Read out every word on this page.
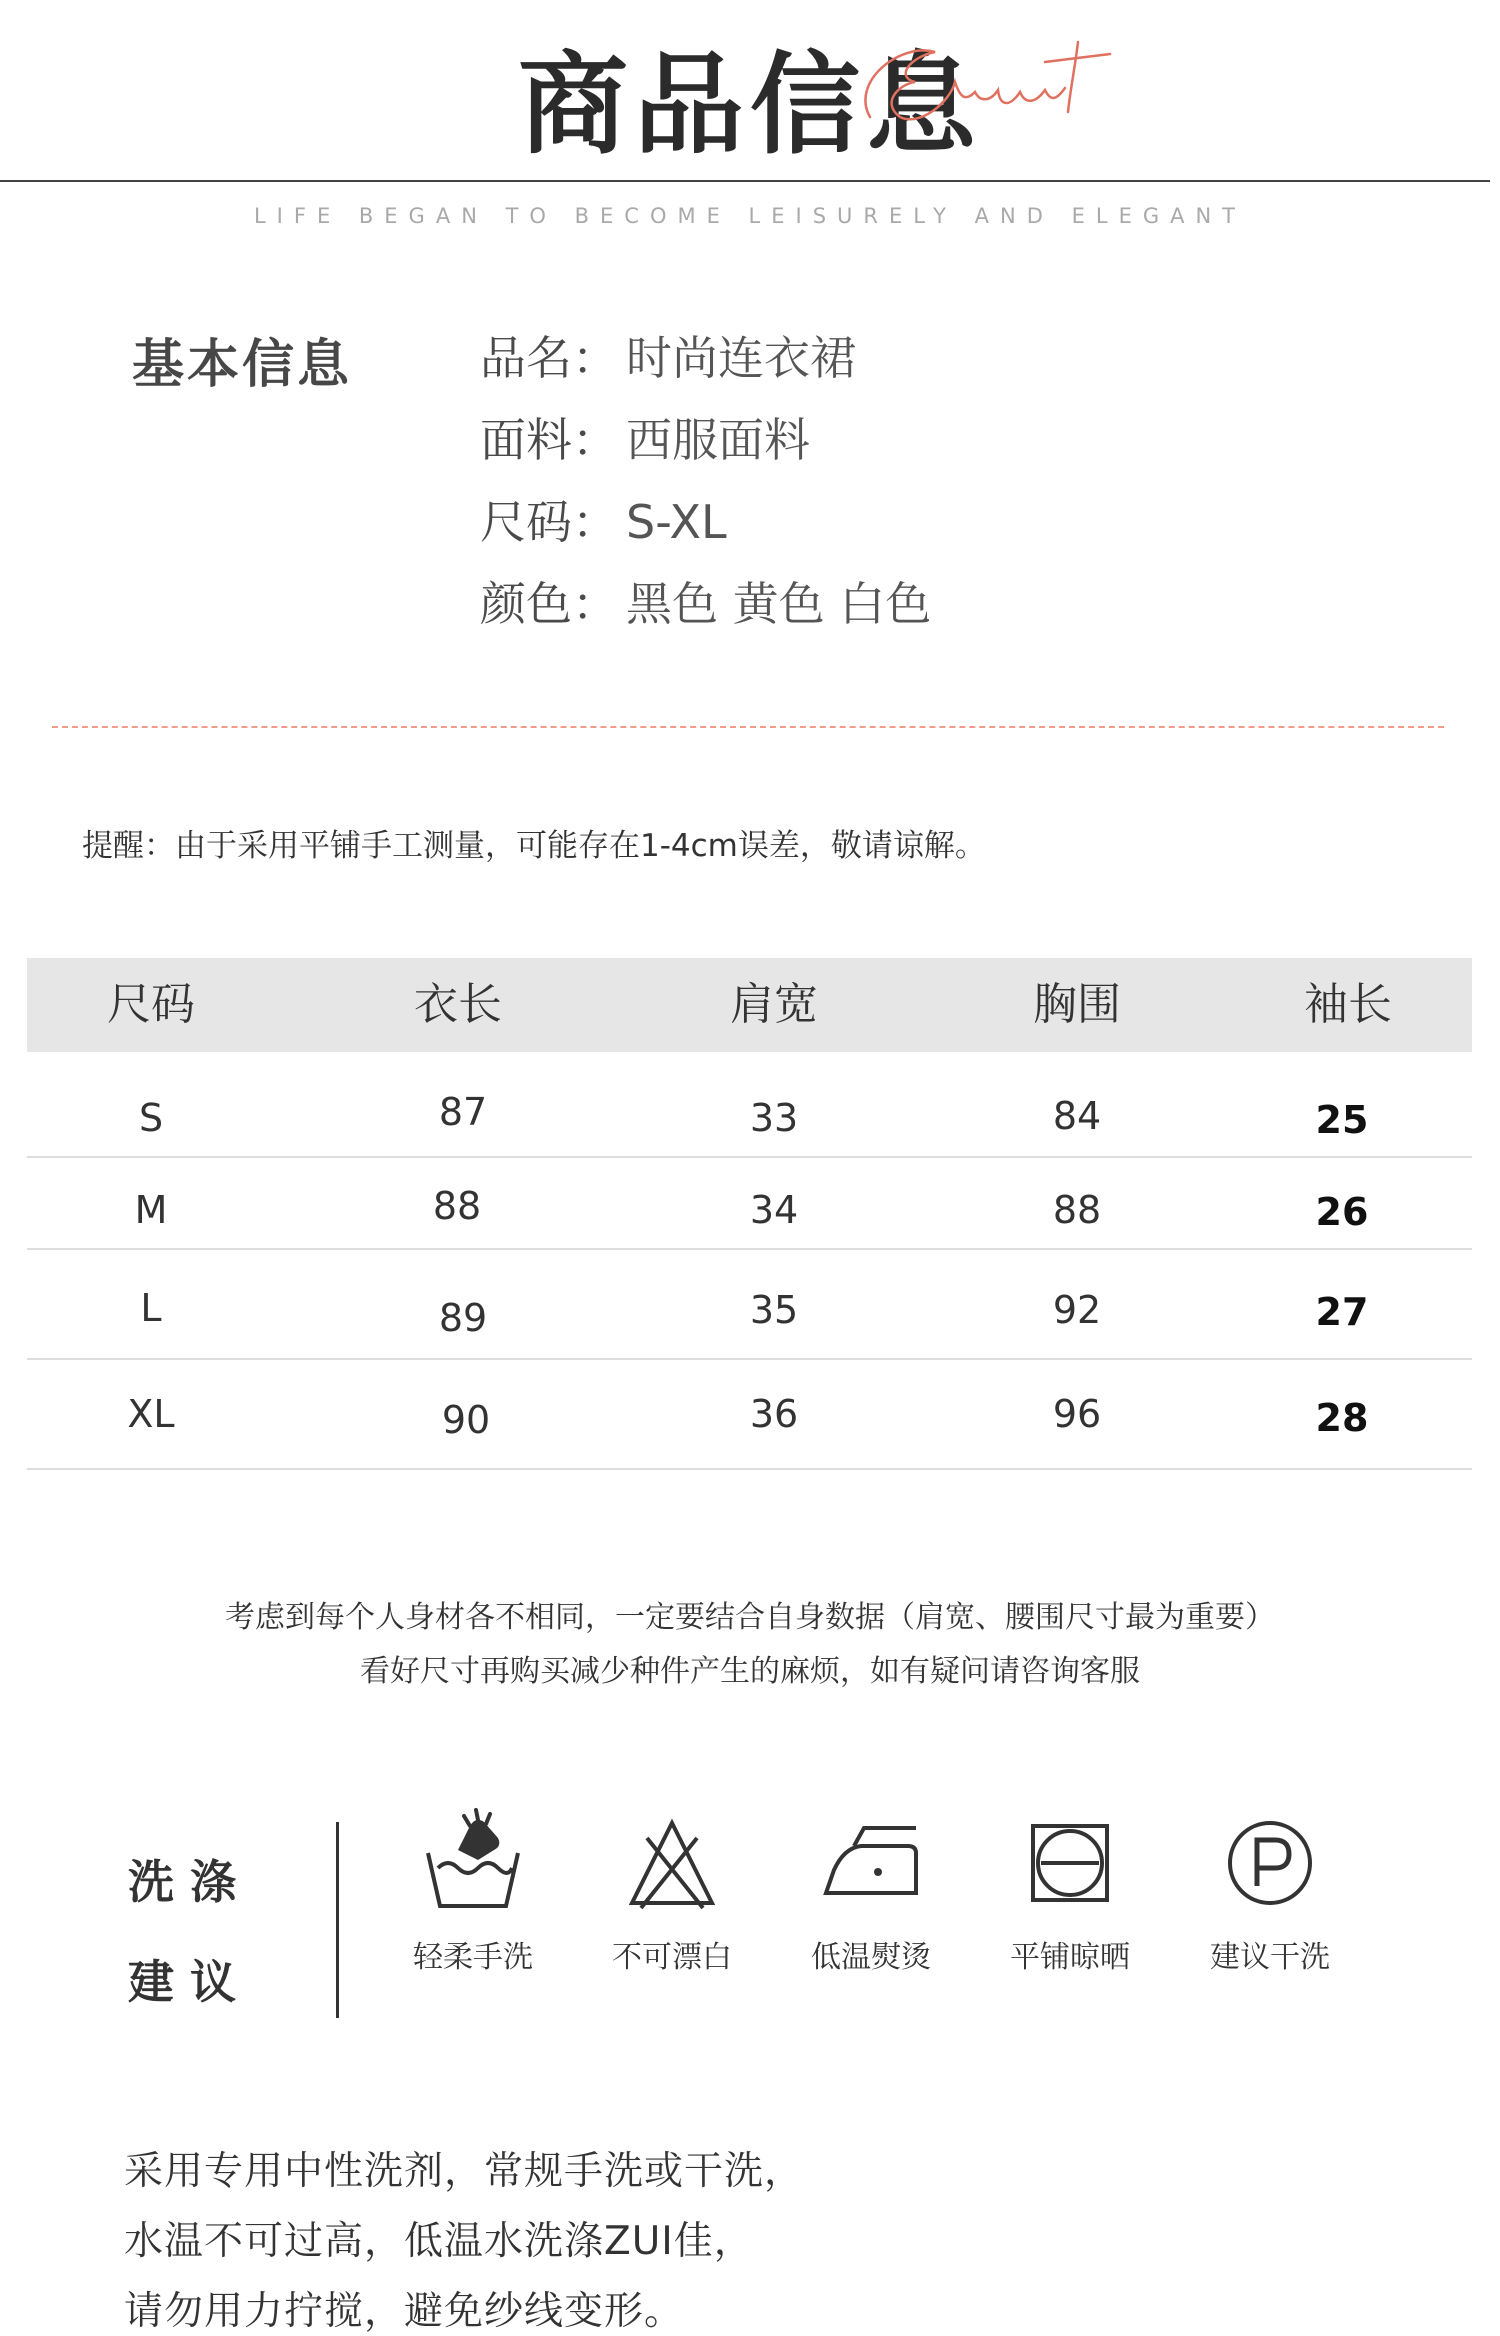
商品信息
LIFE BEGAN TO BECOME LEISURELY AND ELEGANT
基本信息	品名： 时尚连衣裙
面料： 西服面料
尺码： S-XL
颜色： 黑色 黄色 白色
提醒：由于采用平铺手工测量，可能存在1-4cm误差，敬请谅解。
尺码	衣长	肩宽	胸围	袖长
S	87	33	84	25
M	88	34	88	26
L	89	35	92	27
XL	90	36	96	28
考虑到每个人身材各不相同，一定要结合自身数据（肩宽、腰围尺寸最为重要）
看好尺寸再购买减少种件产生的麻烦，如有疑问请咨询客服
洗 涤
建 议	轻柔手洗	不可漂白	低温熨烫	平铺晾晒	建议干洗
采用专用中性洗剂，常规手洗或干洗，
水温不可过高，低温水洗涤ZUI佳，
请勿用力拧搅，避免纱线变形。
